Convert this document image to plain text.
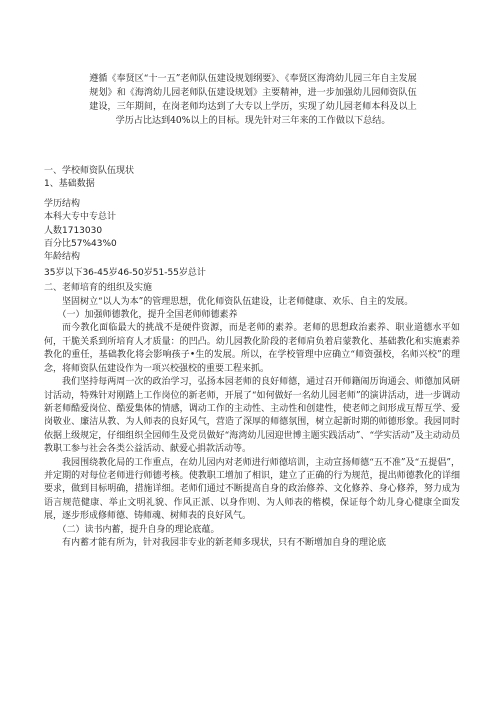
遵循《奉贤区“十一五”老师队伍建设规划纲要》、《奉贤区海湾幼儿园三年自主发展规划》和《海湾幼儿园老师队伍建设规划》主要精神，进一步加强幼儿园师资队伍建设，三年期间，在岗老师均达到了大专以上学历，实现了幼儿园老师本科及以上学历占比达到40%以上的目标。现先针对三年来的工作做以下总结。

一、学校师资队伍现状

1、基础数据

学历结构

本科大专中专总计

人数1713030

百分比57%43%0

年龄结构

35岁以下36-45岁46-50岁51-55岁总计

二、老师培育的组织及实施

坚固树立“以人为本”的管理思想，优化师资队伍建设，让老师健康、欢乐、自主的发展。

（一）加强师德教化，提升全国老师师德素养

而今教化面临最大的挑战不是硬件资源，而是老师的素养。老师的思想政治素养、职业道德水平如何，干脆关系到所培育人才质量：的凹凸。幼儿园教化阶段的老师肩负着启蒙教化、基础教化和实施素养教化的重任，基础教化将会影响孩子•生的发展。所以，在学校管理中应确立“师资强校，名师兴校”的理念，将师资队伍建设作为一项兴校强校的重要工程来抓。

我们坚持每两周一次的政治学习，弘扬本园老师的良好师德，通过召开师籍闹历询通会、师德加风研讨活动，特殊针对刚踏上工作岗位的新老师，开展了“如何做好一名幼儿园老师”的演讲活动，进一步调动新老师酷爱岗位、酷爱集体的情感，调动工作的主动性、主动性和创建性，使老师之间形成互帮互学、爱岗敬业、廉洁从教、为人师表的良好风气，营造了深厚的师德氛围，树立起新时期的师德形象。我园同时依据上级规定，仔细组织全园师生及党员做好“海湾幼儿园迎世博主题实践活动”、“学实活动”及主动动员教职工参与社会各类公益活动、献爱心捐款活动等。

我园围绕教化局的工作重点，在幼儿园内对老师进行师德培训，主动宣扬师德“五不准”及“五提倡”，并定期的对每位老师进行师德考核。使教职工增加了相识，建立了正确的行为规范，提出师德教化的详细要求，做到目标明确，措施详细。老师们通过不断提高自身的政治修养、文化修养、身心修养，努力成为语言规范健康、举止文明礼貌、作风正派、以身作则、为人师表的楷模，保证每个幼儿身心健康全面发展，逐步形成修师德、铸师魂、树师表的良好风气。

（二）读书内蓄，提升自身的理论底蕴。

有内蓄才能有所为，针对我园非专业的新老师多现状，只有不断增加自身的理论底
